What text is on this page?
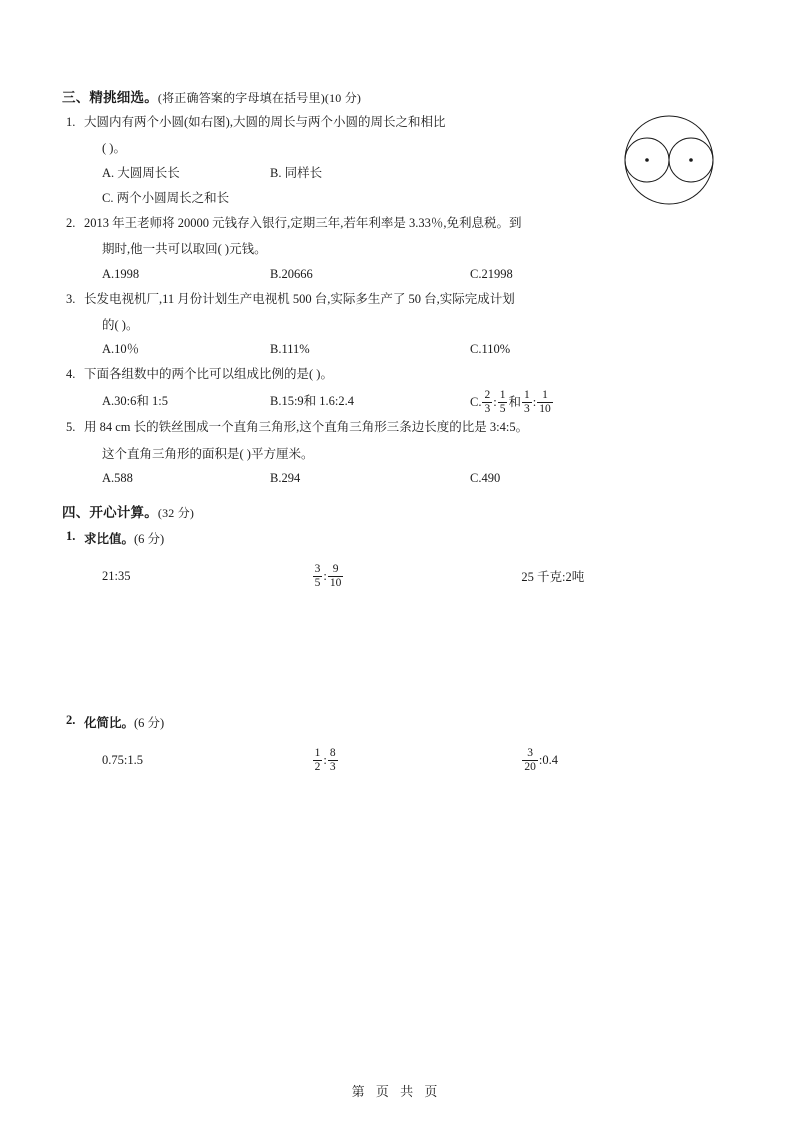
三、精挑细选。(将正确答案的字母填在括号里)(10 分)
1. 大圆内有两个小圆(如右图),大圆的周长与两个小圆的周长之和相比
( )。
A. 大圆周长长	B. 同样长
C. 两个小圆周长之和长
2. 2013 年王老师将 20000 元钱存入银行,定期三年,若年利率是 3.33％,免利息税。到
期时,他一共可以取回( )元钱。
A.1998	B.20666	C.21998
3. 长发电视机厂,11 月份计划生产电视机 500 台,实际多生产了 50 台,实际完成计划
的( )。
A.10％	B.111%	C.110%
4. 下面各组数中的两个比可以组成比例的是( )。
A.30:6和 1:5	B.15:9和 1.6:2.4	C. $\frac{2}{3}$ : $\frac{1}{5}$ 和 $\frac{1}{3}$ : $\frac{1}{10}$
5. 用 84 cm 长的铁丝围成一个直角三角形,这个直角三角形三条边长度的比是 3:4:5。
这个直角三角形的面积是( )平方厘米。
A.588	B.294	C.490
四、开心计算。(32 分)
1. 求比值。(6 分)
21:35	$\frac{3}{5}$ : $\frac{9}{10}$	25 千克:2吨
2. 化简比。(6 分)
0.75:1.5	$\frac{1}{2}$ : $\frac{8}{3}$	$\frac{3}{20}$ : 0.4
第 页 共 页
